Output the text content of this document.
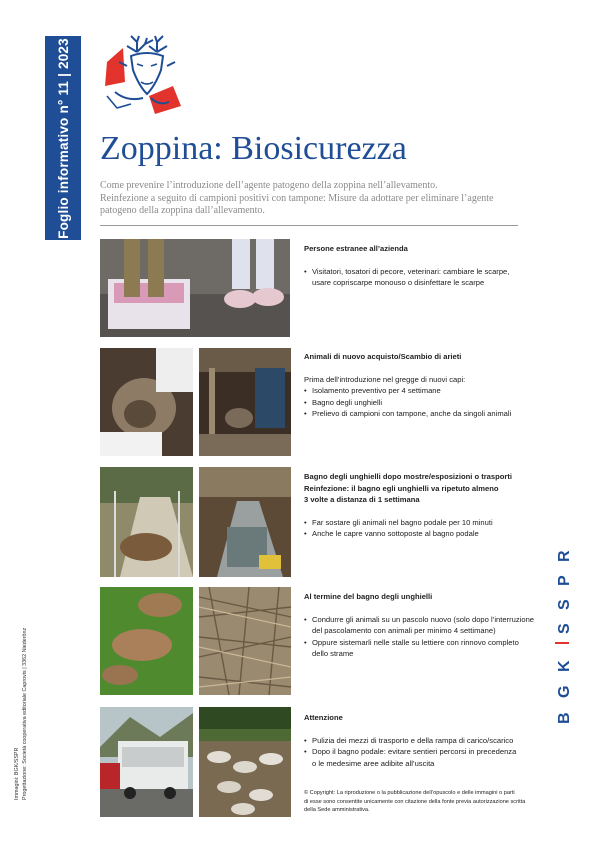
Foglio informativo n° 11 | 2023 Zoppina: Biosicurezza
Come prevenire l’introduzione dell’agente patogeno della zoppina nell’allevamento.
Reinfezione a seguito di campioni positivi con tampone: Misure da adottare per eliminare l’agente
patogeno della zoppina dall’allevamento.
Persone estranee all’azienda
• Visitatori, tosatori di pecore, veterinari: cambiare le scarpe,
usare copriscarpe monouso o disinfettare le scarpe
Animali di nuovo acquisto/Scambio di arieti
Prima dell’introduzione nel gregge di nuovi capi:
• Isolamento preventivo per 4 settimane
• Bagno degli unghielli
• Prelievo di campioni con tampone, anche da singoli animali
Bagno degli unghielli dopo mostre/esposizioni o trasporti
Reinfezione: il bagno egli unghielli va ripetuto almeno
3 volte a distanza di 1 settimana
• Far sostare gli animali nel bagno podale per 10 minuti
• Anche le capre vanno sottoposte al bagno podale
Al termine del bagno degli unghielli
• Condurre gli animali su un pascolo nuovo (solo dopo l’interruzione
del pascolamento con animali per minimo 4 settimane)
• Oppure sistemarli nelle stalle su lettiere con rinnovo completo
dello strame
Attenzione
• Pulizia dei mezzi di trasporto e della rampa di carico/scarico
• Dopo il bagno podale: evitare sentieri percorsi in precedenza
o le medesime aree adibite all’uscita
© Copyright: La riproduzione o la pubblicazione dell’opuscolo e delle immagini o parti
di esse sono consentite unicamente con citazione della fonte previa autorizzazione scritta
della Sede amministrativa.
Immagini: BGK/SSPR Progettazione: Società cooperativa editoriale Caprovis | 3362 Niederönz	B
G
K
S
S
P
R
